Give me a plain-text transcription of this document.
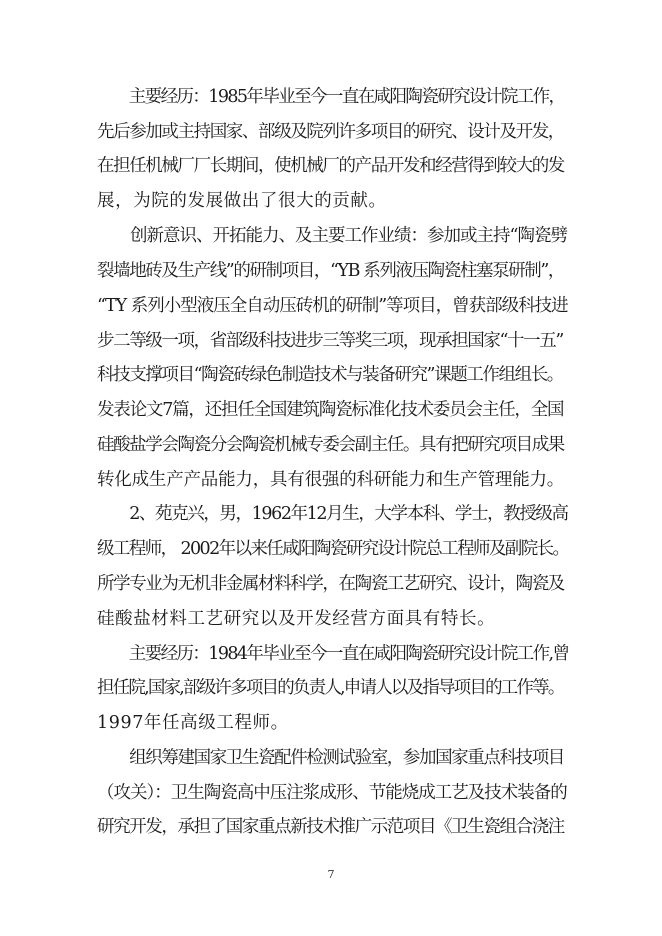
　　主要经历：1985年毕业至今一直在咸阳陶瓷研究设计院工作，
先后参加或主持国家、部级及院列许多项目的研究、设计及开发，
在担任机械厂厂长期间，使机械厂的产品开发和经营得到较大的发
展，为院的发展做出了很大的贡献。
　　创新意识、开拓能力、及主要工作业绩：参加或主持“陶瓷劈
裂墙地砖及生产线”的研制项目，“YB 系列液压陶瓷柱塞泵研制”，
“TY 系列小型液压全自动压砖机的研制”等项目，曾获部级科技进
步二等级一项，省部级科技进步三等奖三项，现承担国家“十一五”
科技支撑项目“陶瓷砖绿色制造技术与装备研究”课题工作组组长。
发表论文7篇，还担任全国建筑陶瓷标准化技术委员会主任，全国
硅酸盐学会陶瓷分会陶瓷机械专委会副主任。具有把研究项目成果
转化成生产产品能力，具有很强的科研能力和生产管理能力。
　　2、苑克兴，男，1962年12月生，大学本科、学士，教授级高
级工程师， 2002年以来任咸阳陶瓷研究设计院总工程师及副院长。
所学专业为无机非金属材料科学，在陶瓷工艺研究、设计，陶瓷及
硅酸盐材料工艺研究以及开发经营方面具有特长。
　　主要经历：1984年毕业至今一直在咸阳陶瓷研究设计院工作,曾
担任院,国家,部级许多项目的负责人,申请人以及指导项目的工作等。
1997年任高级工程师。
　　组织筹建国家卫生瓷配件检测试验室，参加国家重点科技项目
（攻关）：卫生陶瓷高中压注浆成形、节能烧成工艺及技术装备的
研究开发，承担了国家重点新技术推广示范项目《卫生瓷组合浇注
7
